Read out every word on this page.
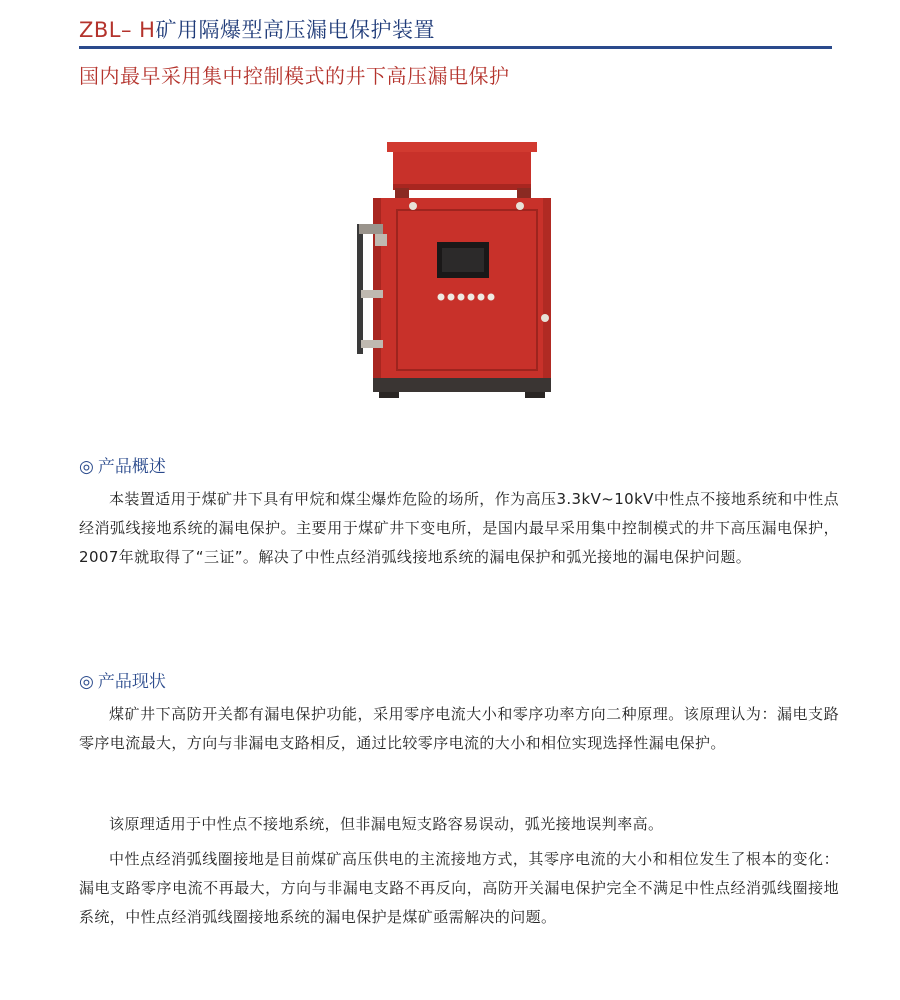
ZBL– H矿用隔爆型高压漏电保护装置
国内最早采用集中控制模式的井下高压漏电保护
◎ 产品概述

本装置适用于煤矿井下具有甲烷和煤尘爆炸危险的场所，作为高压3.3kV~10kV中性点不接地系统和中性点经消弧线接地系统的漏电保护。主要用于煤矿井下变电所，是国内最早采用集中控制模式的井下高压漏电保护，2007年就取得了“三证”。解决了中性点经消弧线接地系统的漏电保护和弧光接地的漏电保护问题。

◎ 产品现状

煤矿井下高防开关都有漏电保护功能，采用零序电流大小和零序功率方向二种原理。该原理认为：漏电支路零序电流最大，方向与非漏电支路相反，通过比较零序电流的大小和相位实现选择性漏电保护。

该原理适用于中性点不接地系统，但非漏电短支路容易误动，弧光接地误判率高。

中性点经消弧线圈接地是目前煤矿高压供电的主流接地方式，其零序电流的大小和相位发生了根本的变化：漏电支路零序电流不再最大，方向与非漏电支路不再反向，高防开关漏电保护完全不满足中性点经消弧线圈接地系统，中性点经消弧线圈接地系统的漏电保护是煤矿亟需解决的问题。
